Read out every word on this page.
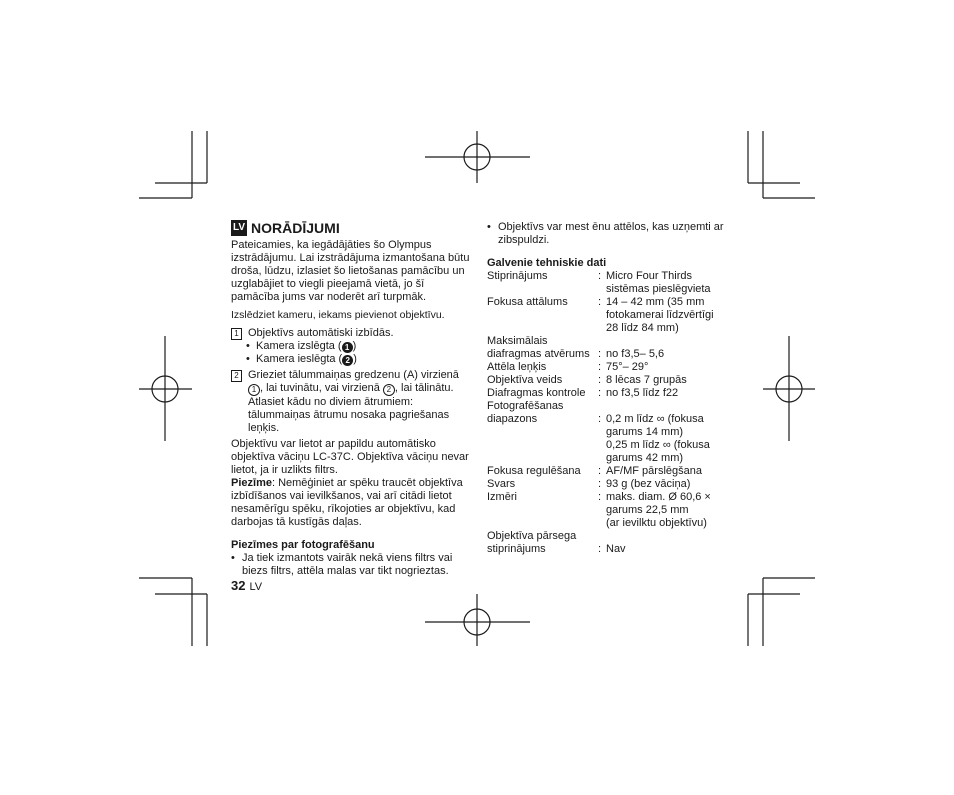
LV NORĀDĪJUMI

Pateicamies, ka iegādājāties šo Olympus izstrādājumu. Lai izstrādājuma izmantošana būtu droša, lūdzu, izlasiet šo lietošanas pamācību un uzglabājiet to viegli pieejamā vietā, jo šī pamācība jums var noderēt arī turpmāk.

Izslēdziet kameru, iekams pievienot objektīvu.

1 Objektīvs automātiski izbīdās.
• Kamera izslēgta ( 1 )
• Kamera ieslēgta ( 2 )
2 Grieziet tālummaiņas gredzenu (A) virzienā 1 , lai tuvinātu, vai virzienā 2 , lai tālinātu. Atlasiet kādu no diviem ātrumiem: tālummaiņas ātrumu nosaka pagriešanas leņķis.

Objektīvu var lietot ar papildu automātisko objektīva vāciņu LC-37C. Objektīva vāciņu nevar lietot, ja ir uzlikts filtrs.

Piezīme: Nemēģiniet ar spēku traucēt objektīva izbīdīšanos vai ievilkšanos, vai arī citādi lietot nesamērīgu spēku, rīkojoties ar objektīvu, kad darbojas tā kustīgās daļas.

Piezīmes par fotografēšanu

• Ja tiek izmantots vairāk nekā viens filtrs vai biezs filtrs, attēla malas var tikt nogrieztas.
32 LV
• Objektīvs var mest ēnu attēlos, kas uzņemti ar zibspuldzi.

Galvenie tehniskie dati

Stiprinājums	: Micro Four Thirds sistēmas pieslēgvieta
Fokusa attālums	: 14 – 42 mm (35 mm fotokamerai līdzvērtīgi 28 līdz 84 mm)
Maksimālais diafragmas atvērums : no f3,5– 5,6
Attēla leņķis	: 75°– 29°
Objektīva veids	: 8 lēcas 7 grupās
Diafragmas kontrole	: no f3,5 līdz f22
Fotografēšanas diapazons	: 0,2 m līdz ∞ (fokusa garums 14 mm)
0,25 m līdz ∞ (fokusa garums 42 mm)
Fokusa regulēšana	: AF/MF pārslēgšana
Svars	: 93 g (bez vāciņa)
Izmēri	: maks. diam. Ø 60,6 × garums 22,5 mm
(ar ievilktu objektīvu)
Objektīva pārsega stiprinājums	: Nav
